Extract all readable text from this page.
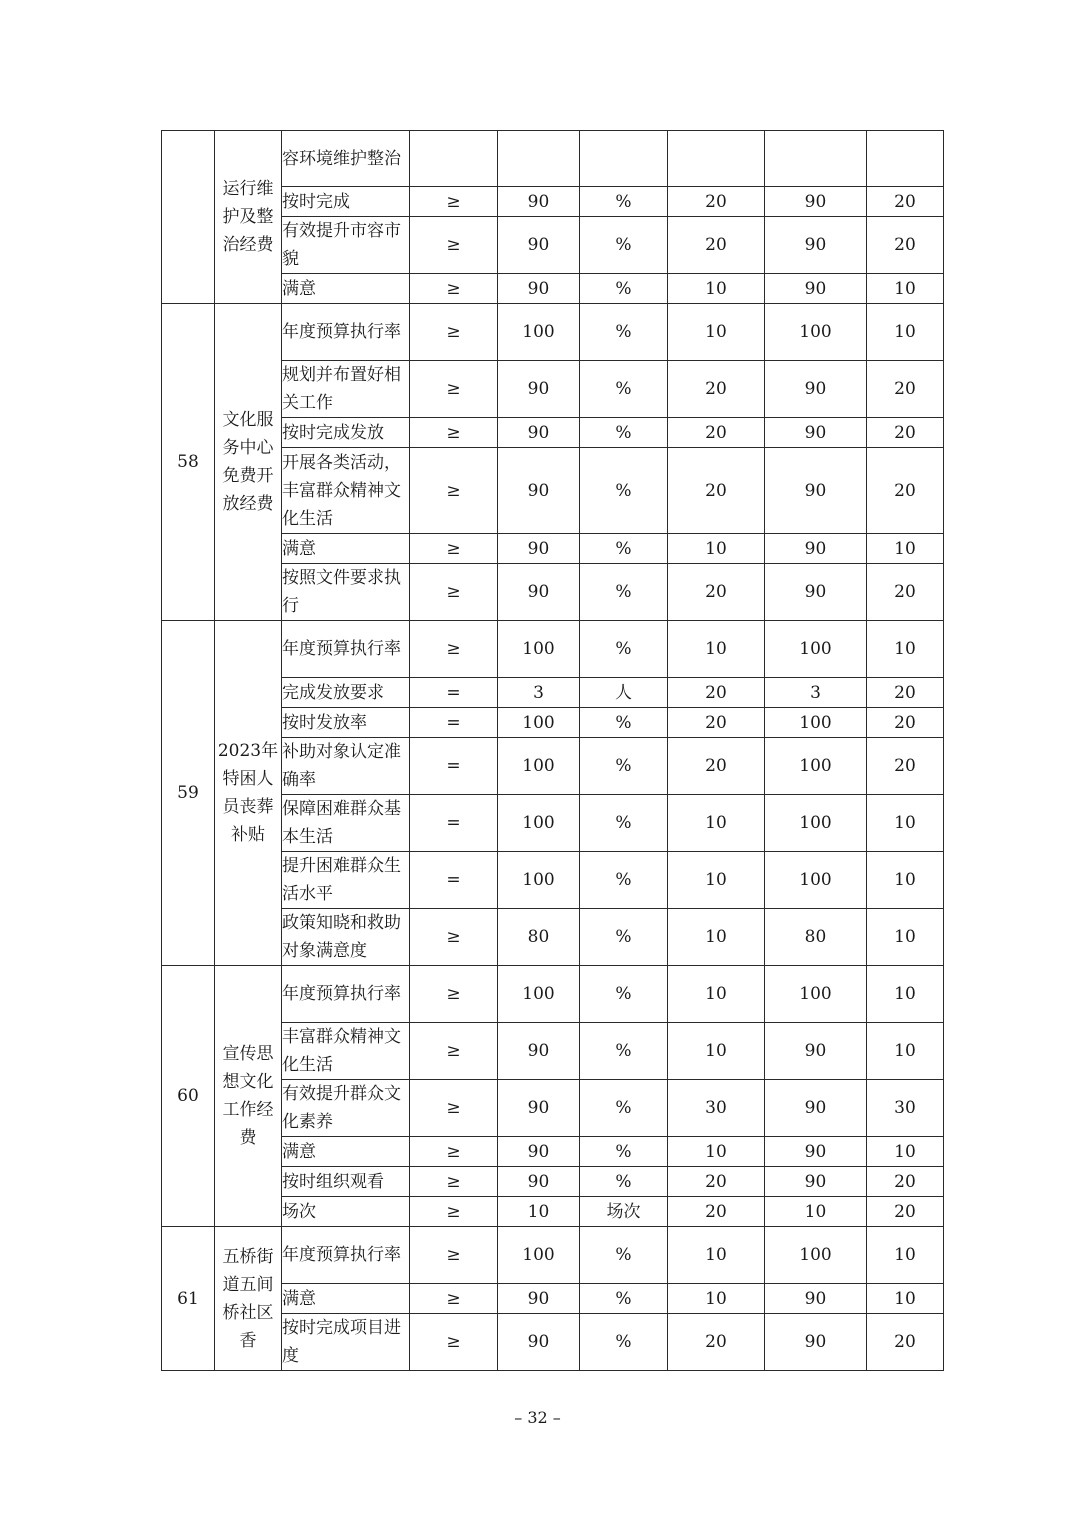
	运行维护及整治经费	容环境维护整治						
		按时完成	≥	90	%	20	90	20
		有效提升市容市貌	≥	90	%	20	90	20
		满意	≥	90	%	10	90	10
58	文化服务中心免费开放经费	年度预算执行率	≥	100	%	10	100	10
		规划并布置好相关工作	≥	90	%	20	90	20
		按时完成发放	≥	90	%	20	90	20
		开展各类活动，丰富群众精神文化生活	≥	90	%	20	90	20
		满意	≥	90	%	10	90	10
		按照文件要求执行	≥	90	%	20	90	20
59	2023年特困人员丧葬补贴	年度预算执行率	≥	100	%	10	100	10
		完成发放要求	=	3	人	20	3	20
		按时发放率	=	100	%	20	100	20
		补助对象认定准确率	=	100	%	20	100	20
		保障困难群众基本生活	=	100	%	10	100	10
		提升困难群众生活水平	=	100	%	10	100	10
		政策知晓和救助对象满意度	≥	80	%	10	80	10
60	宣传思想文化工作经费	年度预算执行率	≥	100	%	10	100	10
		丰富群众精神文化生活	≥	90	%	10	90	10
		有效提升群众文化素养	≥	90	%	30	90	30
		满意	≥	90	%	10	90	10
		按时组织观看	≥	90	%	20	90	20
		场次	≥	10	场次	20	10	20
61	五桥街道五间桥社区香	年度预算执行率	≥	100	%	10	100	10
		满意	≥	90	%	10	90	10
		按时完成项目进度	≥	90	%	20	90	20
– 32 –
